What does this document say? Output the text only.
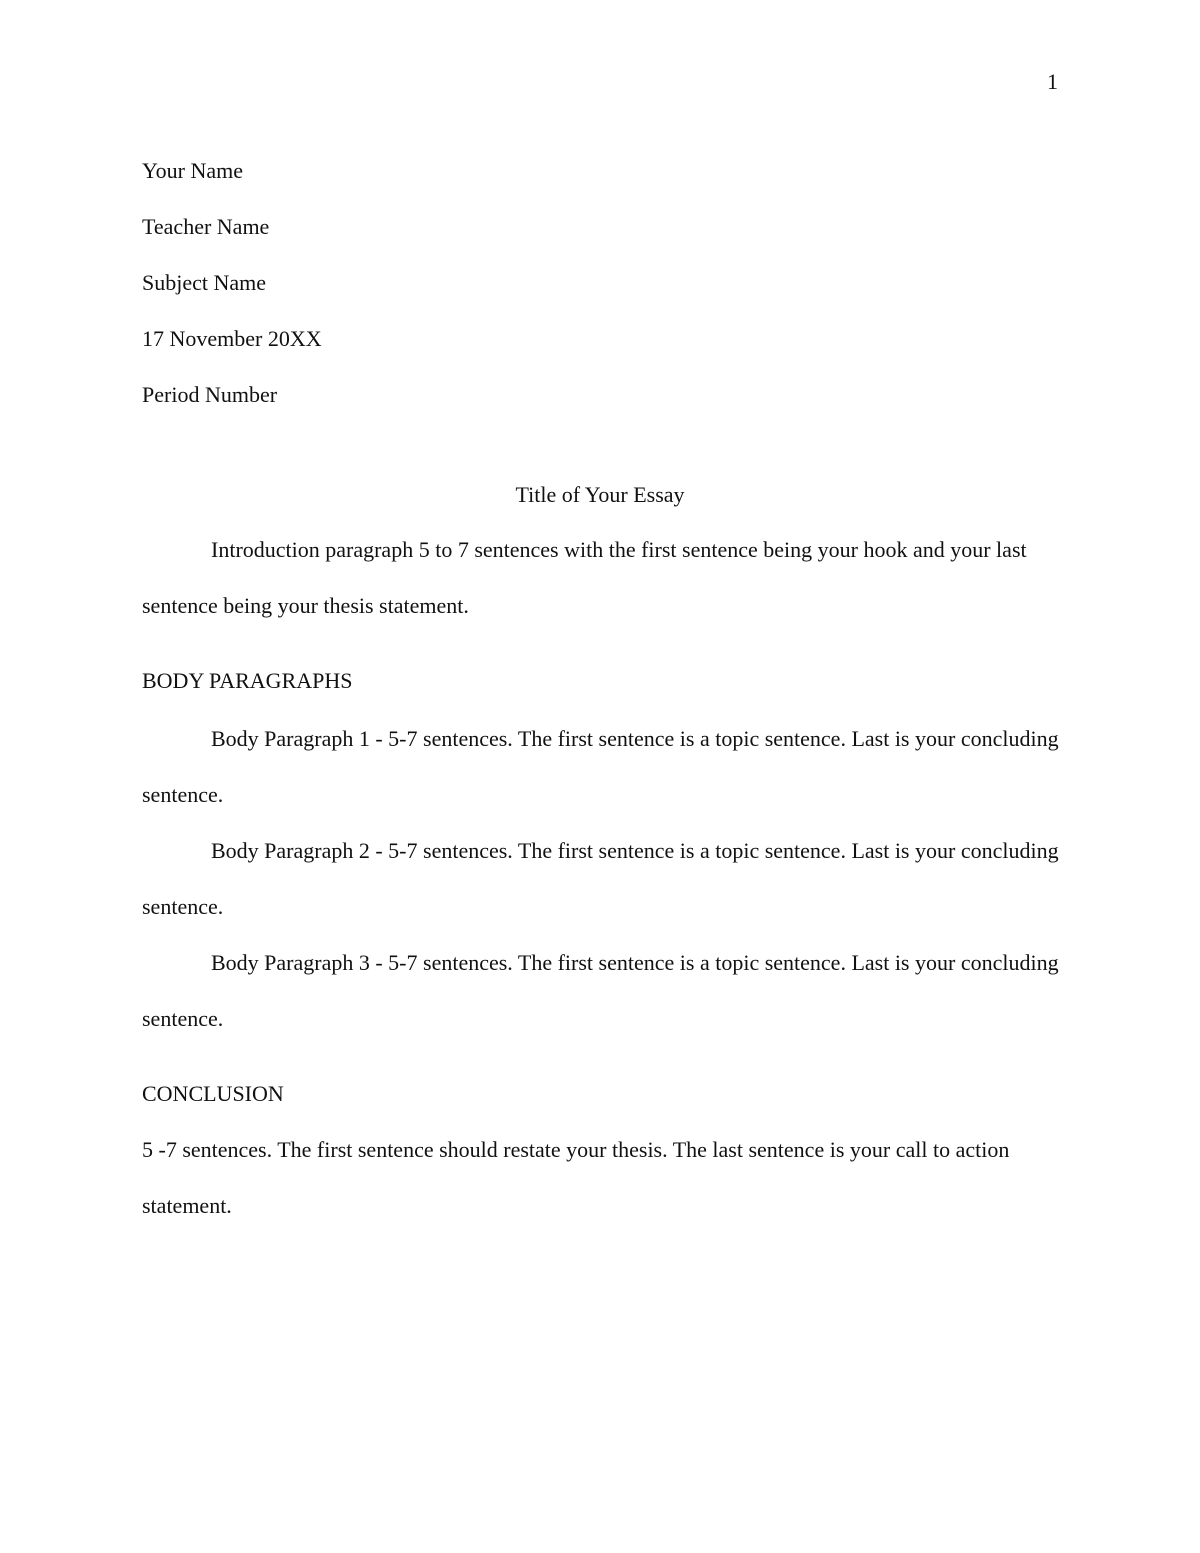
1
Your Name
Teacher Name
Subject Name
17 November 20XX
Period Number
Title of Your Essay

Introduction paragraph 5 to 7 sentences with the first sentence being your hook and your last sentence being your thesis statement.

BODY PARAGRAPHS

Body Paragraph 1 - 5-7 sentences. The first sentence is a topic sentence. Last is your concluding sentence.

Body Paragraph 2 - 5-7 sentences. The first sentence is a topic sentence. Last is your concluding sentence.

Body Paragraph 3 - 5-7 sentences. The first sentence is a topic sentence. Last is your concluding sentence.

CONCLUSION

5 -7 sentences. The first sentence should restate your thesis. The last sentence is your call to action statement.
